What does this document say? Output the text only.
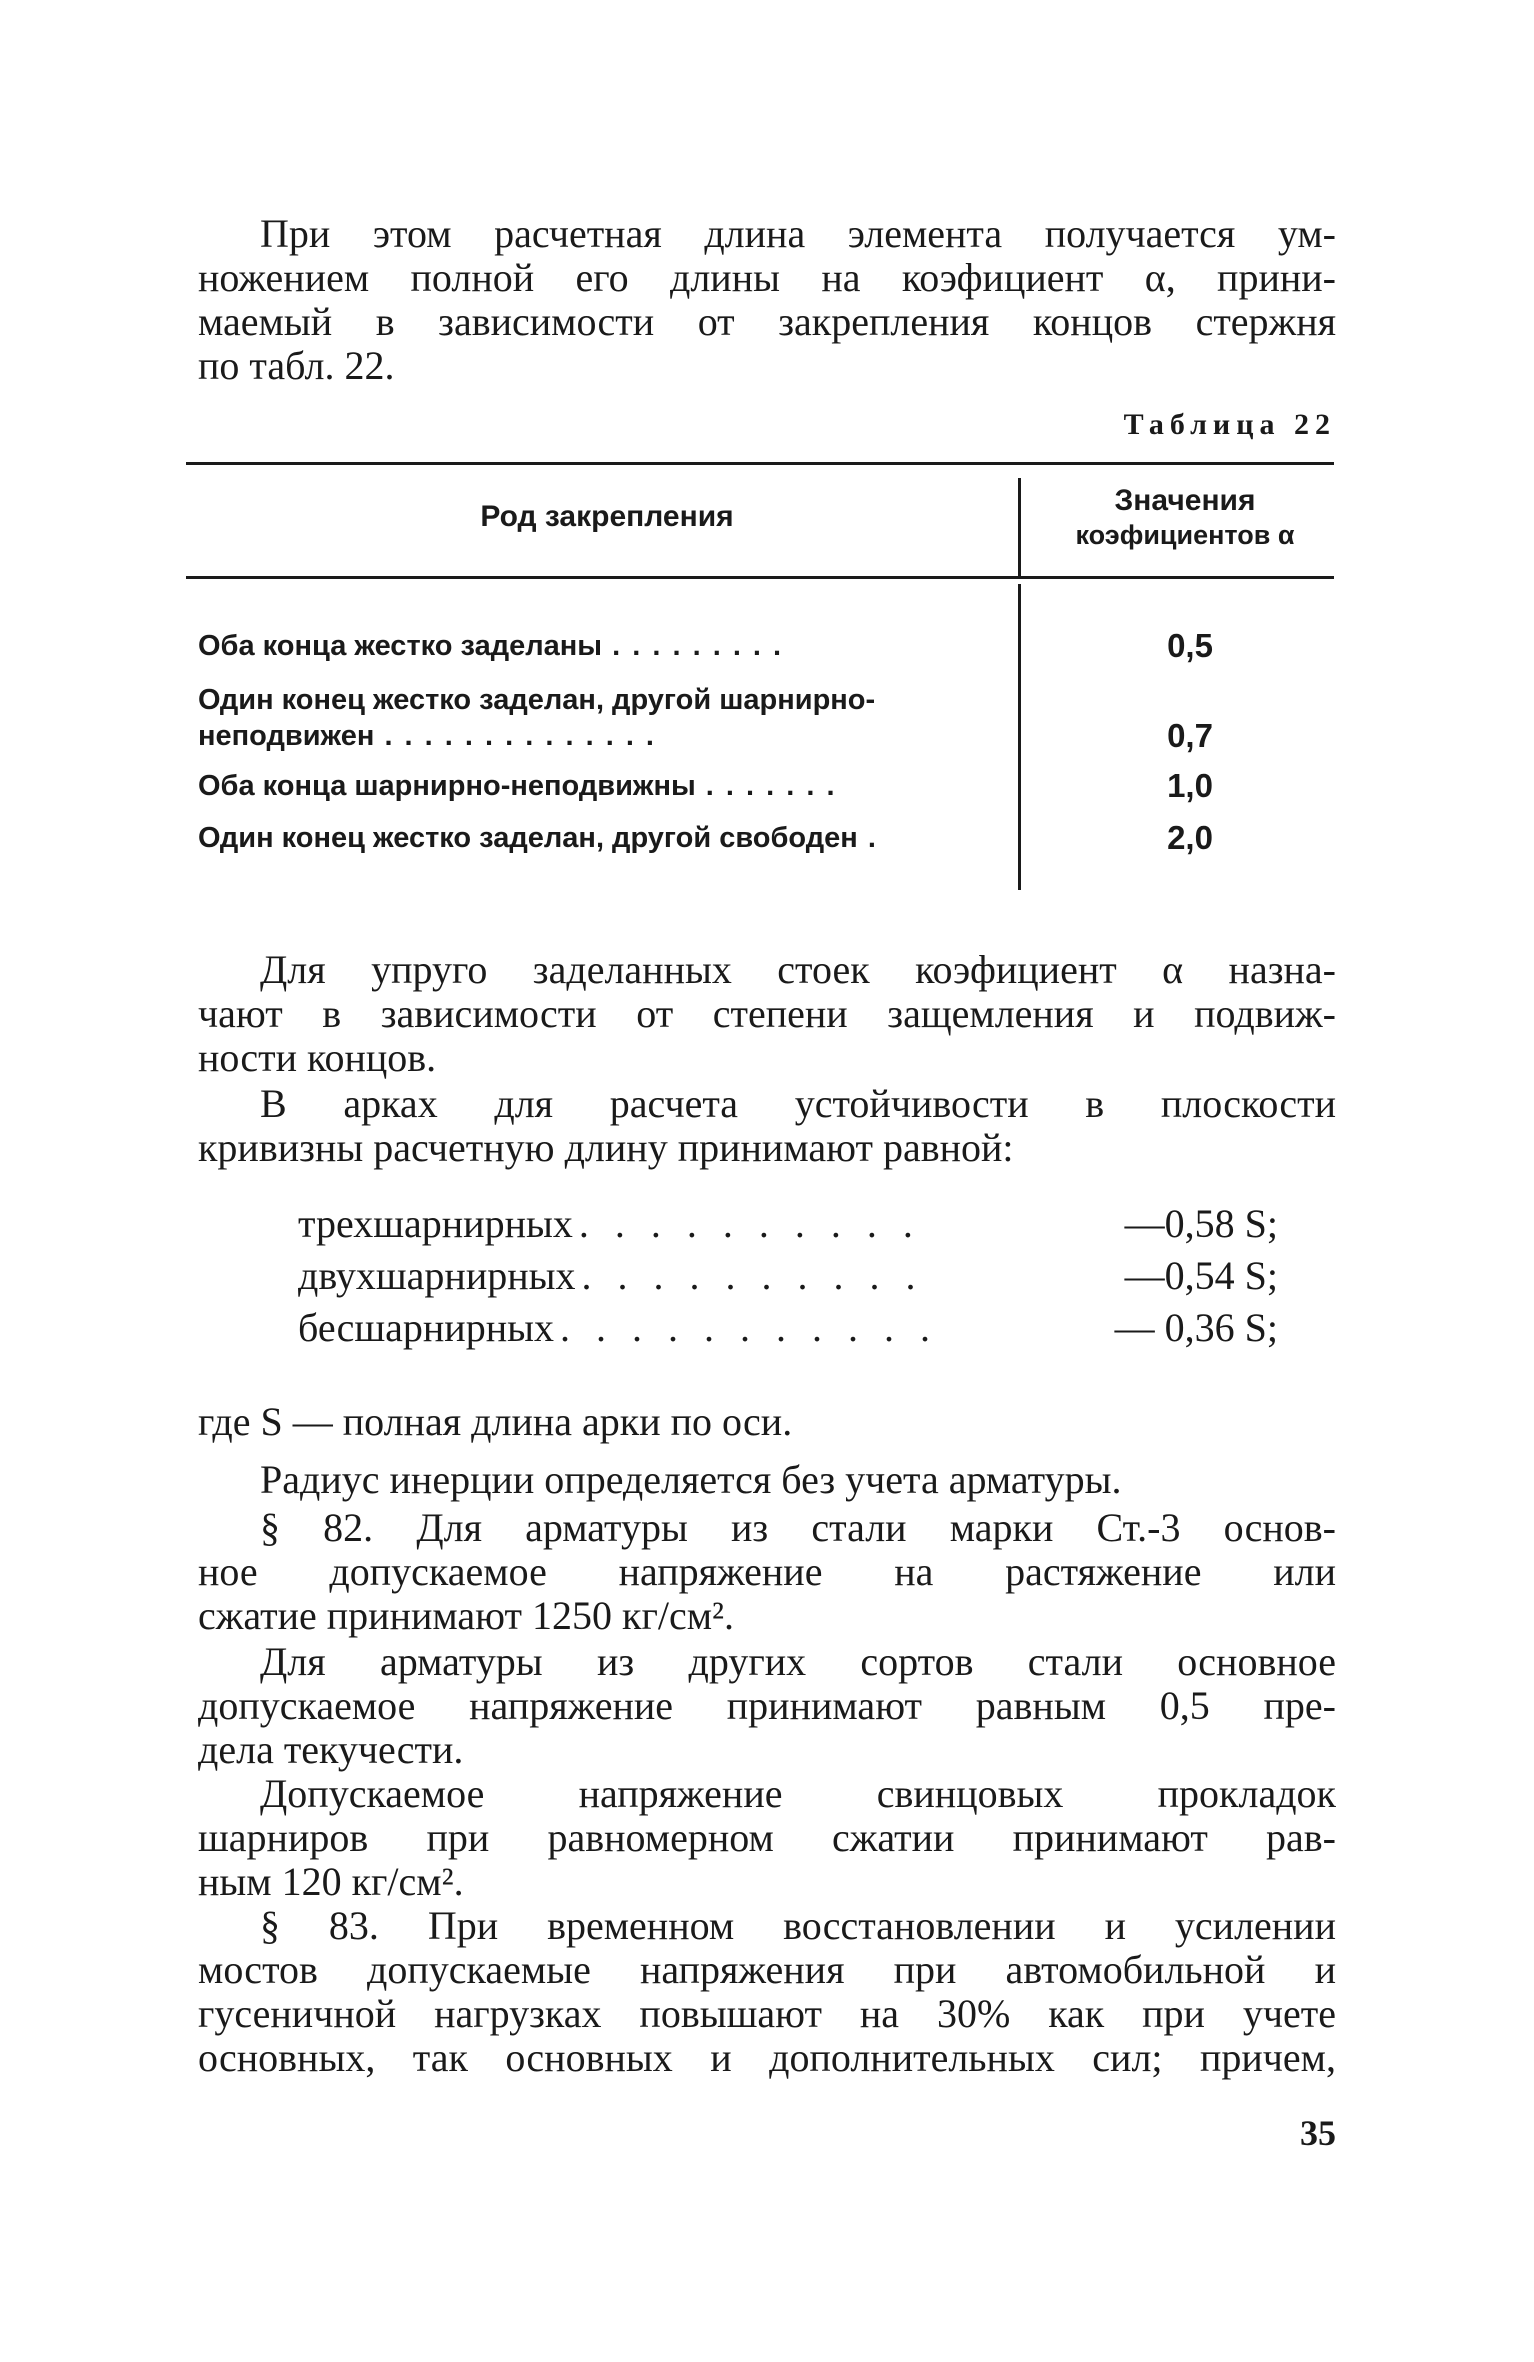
При этом расчетная длина элемента получается ум-
ножением полной его длины на коэфициент α, прини-
маемый в зависимости от закрепления концов стержня
по табл. 22.
Таблица 22
Род закрепления	Значения
коэфициентов α
Оба конца жестко заделаны . . . . . . . . .	0,5
Один конец жестко заделан, другой шарнирно-
неподвижен . . . . . . . . . . . . . .	0,7
Оба конца шарнирно-неподвижны . . . . . . .	1,0
Один конец жестко заделан, другой свободен .	2,0
Для упруго заделанных стоек коэфициент α назна-
чают в зависимости от степени защемления и подвиж-
ности концов.
В арках для расчета устойчивости в плоскости
кривизны расчетную длину принимают равной:
трехшарнирных . . . . . . . . . .	—0,58 S;
двухшарнирных . . . . . . . . . .	—0,54 S;
бесшарнирных . . . . . . . . . . .	— 0,36 S;
где S — полная длина арки по оси.
Радиус инерции определяется без учета арматуры.
§ 82. Для арматуры из стали марки Ст.-3 основ-
ное допускаемое напряжение на растяжение или
сжатие принимают 1250 кг/см².
Для арматуры из других сортов стали основное
допускаемое напряжение принимают равным 0,5 пре-
дела текучести.
Допускаемое напряжение свинцовых прокладок
шарниров при равномерном сжатии принимают рав-
ным 120 кг/см².
§ 83. При временном восстановлении и усилении
мостов допускаемые напряжения при автомобильной и
гусеничной нагрузках повышают на 30% как при учете
основных, так основных и дополнительных сил; причем,
35
